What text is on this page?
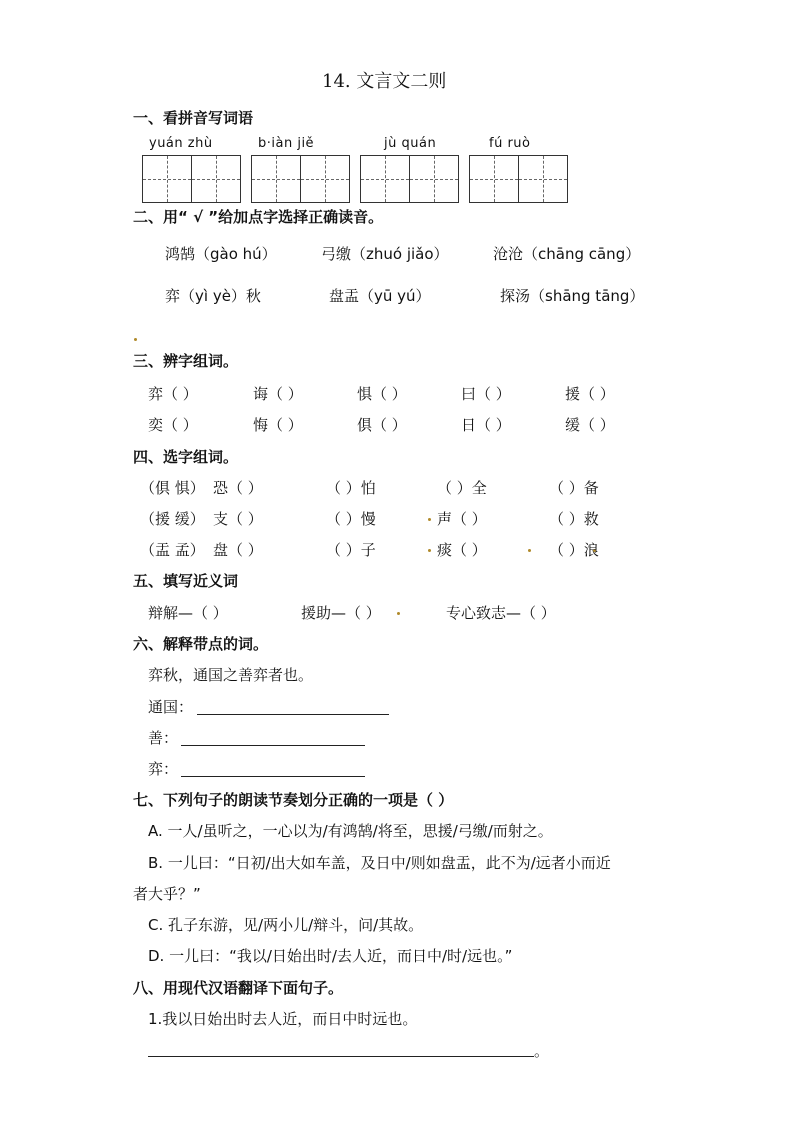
14. 文言文二则
一、看拼音写词语
yuán zhù	b·iàn jiě	jù quán	fú ruò
二、用“ √ ”给加点字选择正确读音。
鸿鹄（gào hú）	弓缴（zhuó jiǎo）	沧沧（chāng cāng）
弈（yì yè）秋	盘盂（yū yú）	探汤（shāng tāng）
三、辨字组词。
弈（ ）	诲（ ）	惧（ ）	曰（ ）	援（ ）
奕（ ）	悔（ ）	俱（ ）	日（ ）	缓（ ）
四、选字组词。
（俱 惧） 恐（ ）	（ ）怕	（ ）全	（ ）备
（援 缓） 支（ ）	（ ）慢	声（ ）	（ ）救
（盂 孟） 盘（ ）	（ ）子	痰（ ）	（ ）浪
五、填写近义词
辩解—（ ）	援助—（ ）	专心致志—（ ）
六、解释带点的词。
弈秋，通国之善弈者也。
通国：
善：
弈：
七、下列句子的朗读节奏划分正确的一项是（ ）
A. 一人/虽听之，一心以为/有鸿鹄/将至，思援/弓缴/而射之。
B. 一儿曰：“日初/出大如车盖，及日中/则如盘盂，此不为/远者小而近
者大乎？”
C. 孔子东游，见/两小儿/辩斗，问/其故。
D. 一儿曰：“我以/日始出时/去人近，而日中/时/远也。”
八、用现代汉语翻译下面句子。
1.我以日始出时去人近，而日中时远也。
。
